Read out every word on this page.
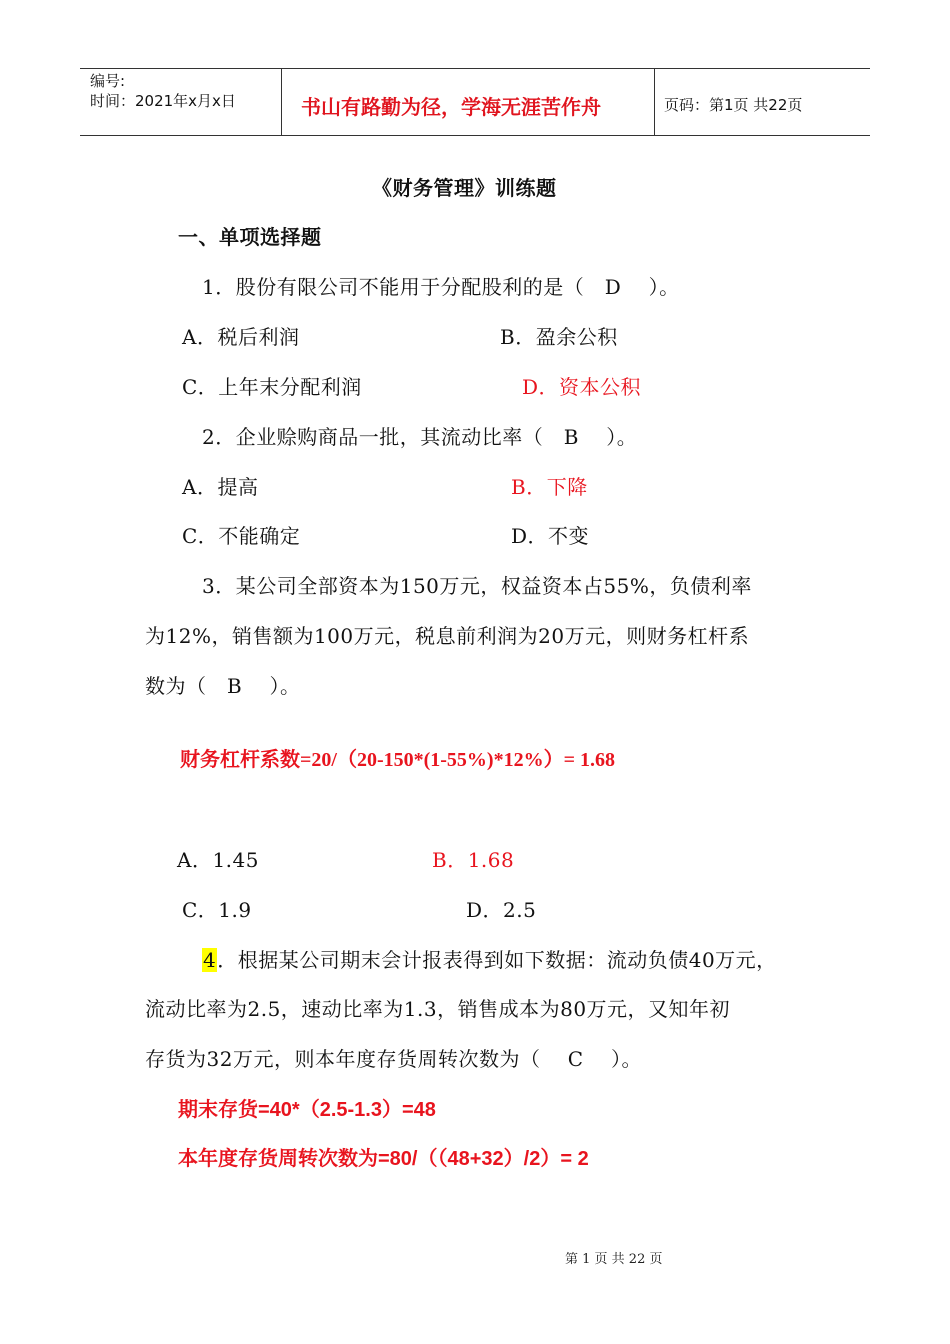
编号:
时间：2021年x月x日	书山有路勤为径，学海无涯苦作舟	页码：第1页 共22页
《财务管理》训练题
一、单项选择题
1．股份有限公司不能用于分配股利的是（　D　 ）。
A．税后利润	B．盈余公积
C．上年末分配利润	D．资本公积
2．企业赊购商品一批，其流动比率（　B　 ）。
A．提高	B．下降
C．不能确定	D．不变
3．某公司全部资本为150万元，权益资本占55%，负债利率
为12%，销售额为100万元，税息前利润为20万元，则财务杠杆系
数为（　B　 ）。
财务杠杆系数=20/（20-150*(1-55%)*12%）= 1.68
A．1.45	B．1.68
C．1.9	D．2.5
4．根据某公司期末会计报表得到如下数据：流动负债40万元，
流动比率为2.5，速动比率为1.3，销售成本为80万元，又知年初
存货为32万元，则本年度存货周转次数为（　 C　 ）。
期末存货=40*（2.5-1.3）=48
本年度存货周转次数为=80/（（48+32）/2）= 2
第 1 页 共 22 页
